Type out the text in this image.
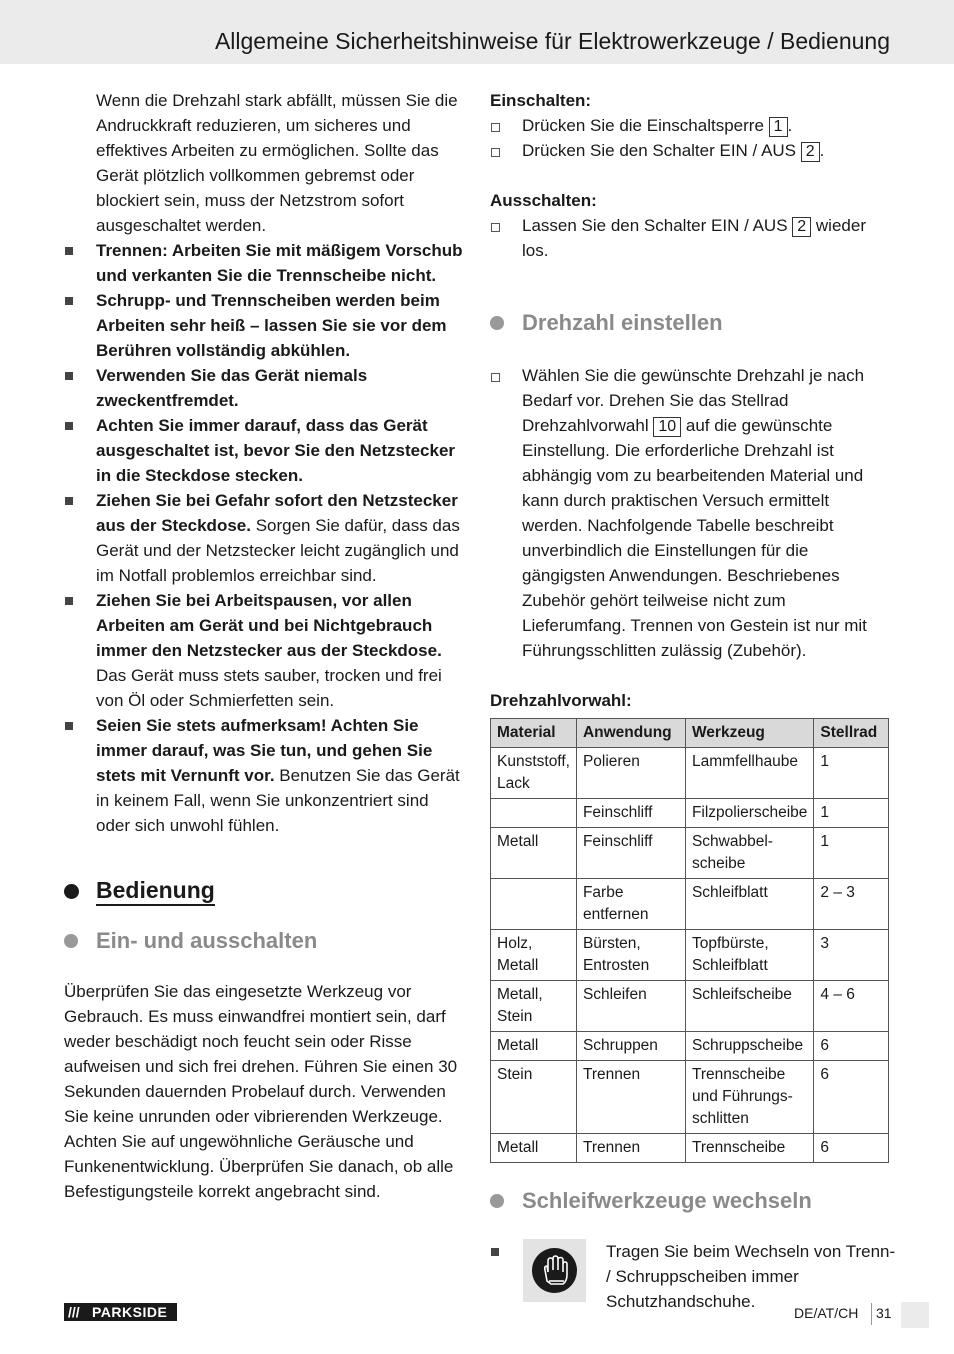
Allgemeine Sicherheitshinweise für Elektrowerkzeuge / Bedienung

Wenn die Drehzahl stark abfällt, müssen Sie die Andruckkraft reduzieren, um sicheres und effektives Arbeiten zu ermöglichen. Sollte das Gerät plötzlich vollkommen gebremst oder blockiert sein, muss der Netzstrom sofort ausgeschaltet werden.

Trennen: Arbeiten Sie mit mäßigem Vorschub und verkanten Sie die Trennscheibe nicht.
Schrupp- und Trennscheiben werden beim Arbeiten sehr heiß – lassen Sie sie vor dem Berühren vollständig abkühlen.
Verwenden Sie das Gerät niemals zweckentfremdet.
Achten Sie immer darauf, dass das Gerät ausgeschaltet ist, bevor Sie den Netzstecker in die Steckdose stecken.
Ziehen Sie bei Gefahr sofort den Netzstecker aus der Steckdose. Sorgen Sie dafür, dass das Gerät und der Netzstecker leicht zugänglich und im Notfall problemlos erreichbar sind.
Ziehen Sie bei Arbeitspausen, vor allen Arbeiten am Gerät und bei Nichtgebrauch immer den Netzstecker aus der Steckdose. Das Gerät muss stets sauber, trocken und frei von Öl oder Schmierfetten sein.
Seien Sie stets aufmerksam! Achten Sie immer darauf, was Sie tun, und gehen Sie stets mit Vernunft vor. Benutzen Sie das Gerät in keinem Fall, wenn Sie unkonzentriert sind oder sich unwohl fühlen.
Bedienung
Ein- und ausschalten

Überprüfen Sie das eingesetzte Werkzeug vor Gebrauch. Es muss einwandfrei montiert sein, darf weder beschädigt noch feucht sein oder Risse aufweisen und sich frei drehen. Führen Sie einen 30 Sekunden dauernden Probelauf durch. Verwenden Sie keine unrunden oder vibrierenden Werkzeuge. Achten Sie auf ungewöhnliche Geräusche und Funkenentwicklung. Überprüfen Sie danach, ob alle Befestigungsteile korrekt angebracht sind.

Einschalten:

Drücken Sie die Einschaltsperre 1 .
Drücken Sie den Schalter EIN / AUS 2 .

Ausschalten:

Lassen Sie den Schalter EIN / AUS 2 wieder los.
Drehzahl einstellen
Wählen Sie die gewünschte Drehzahl je nach Bedarf vor. Drehen Sie das Stellrad Drehzahlvorwahl 10 auf die gewünschte Einstellung. Die erforderliche Drehzahl ist abhängig vom zu bearbeitenden Material und kann durch praktischen Versuch ermittelt werden. Nachfolgende Tabelle beschreibt unverbindlich die Einstellungen für die gängigsten Anwendungen. Beschriebenes Zubehör gehört teilweise nicht zum Lieferumfang. Trennen von Gestein ist nur mit Führungsschlitten zulässig (Zubehör).

Drehzahlvorwahl:

Material	Anwendung	Werkzeug	Stellrad
Kunststoff, Lack	Polieren	Lammfellhaube	1
	Feinschliff	Filzpolierscheibe	1
Metall	Feinschliff	Schwabbel-scheibe	1
	Farbe entfernen	Schleifblatt	2 – 3
Holz, Metall	Bürsten, Entrosten	Topfbürste, Schleifblatt	3
Metall, Stein	Schleifen	Schleifscheibe	4 – 6
Metall	Schruppen	Schruppscheibe	6
Stein	Trennen	Trennscheibe und Führungs-schlitten	6
Metall	Trennen	Trennscheibe	6
Schleifwerkzeuge wechseln

Tragen Sie beim Wechseln von Trenn- / Schruppscheiben immer Schutzhandschuhe.

/// PARKSIDE	DE/AT/CH 31
